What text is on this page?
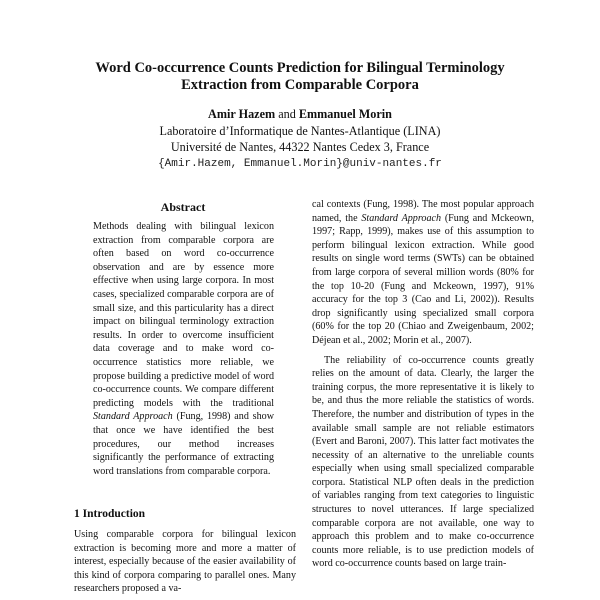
Word Co-occurrence Counts Prediction for Bilingual Terminology
Extraction from Comparable Corpora
Amir Hazem and Emmanuel Morin
Laboratoire d’Informatique de Nantes-Atlantique (LINA)
Université de Nantes, 44322 Nantes Cedex 3, France
{Amir.Hazem, Emmanuel.Morin}@univ-nantes.fr
Abstract
Methods dealing with bilingual lexicon extraction from comparable corpora are often based on word co-occurrence observation and are by essence more effective when using large corpora. In most cases, specialized comparable corpora are of small size, and this particularity has a direct impact on bilingual terminology extraction results. In order to overcome insufficient data coverage and to make word co-occurrence statistics more reliable, we propose building a predictive model of word co-occurrence counts. We compare different predicting models with the traditional Standard Approach (Fung, 1998) and show that once we have identified the best procedures, our method increases significantly the performance of extracting word translations from comparable corpora.
1 Introduction
Using comparable corpora for bilingual lexicon extraction is becoming more and more a matter of interest, especially because of the easier availability of this kind of corpora comparing to parallel ones. Many researchers proposed a va-

cal contexts (Fung, 1998). The most popular approach named, the Standard Approach (Fung and Mckeown, 1997; Rapp, 1999), makes use of this assumption to perform bilingual lexicon extraction. While good results on single word terms (SWTs) can be obtained from large corpora of several million words (80% for the top 10-20 (Fung and Mckeown, 1997), 91% accuracy for the top 3 (Cao and Li, 2002)). Results drop significantly using specialized small corpora (60% for the top 20 (Chiao and Zweigenbaum, 2002; Déjean et al., 2002; Morin et al., 2007).

The reliability of co-occurrence counts greatly relies on the amount of data. Clearly, the larger the training corpus, the more representative it is likely to be, and thus the more reliable the statistics of words. Therefore, the number and distribution of types in the available small sample are not reliable estimators (Evert and Baroni, 2007). This latter fact motivates the necessity of an alternative to the unreliable counts especially when using small specialized comparable corpora. Statistical NLP often deals in the prediction of variables ranging from text categories to linguistic structures to novel utterances. If large specialized comparable corpora are not available, one way to approach this problem and to make co-occurrence counts more reliable, is to use prediction models of word co-occurrence counts based on large train-
